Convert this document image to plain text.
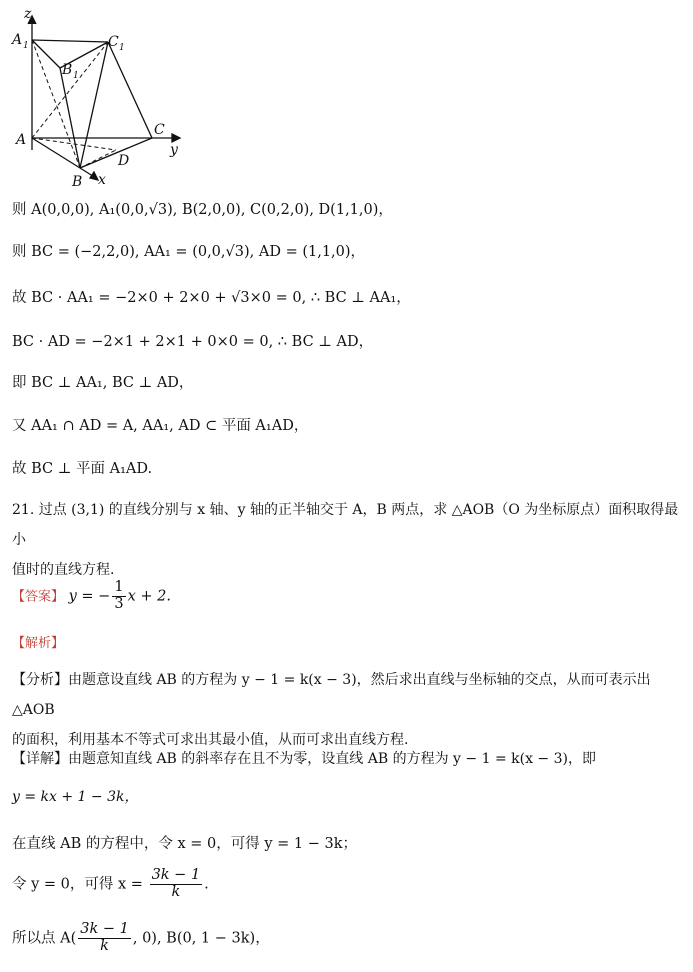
z
A 1	C 1
B 1
A
C
y
D
B x
则 A(0,0,0), A₁(0,0,√3), B(2,0,0), C(0,2,0), D(1,1,0)，
则 BC = (−2,2,0), AA₁ = (0,0,√3), AD = (1,1,0)，
故 BC · AA₁ = −2×0 + 2×0 + √3×0 = 0, ∴ BC ⊥ AA₁，
BC · AD = −2×1 + 2×1 + 0×0 = 0, ∴ BC ⊥ AD，
即 BC ⊥ AA₁, BC ⊥ AD，
又 AA₁ ∩ AD = A, AA₁, AD ⊂ 平面 A₁AD，
故 BC ⊥ 平面 A₁AD.
21. 过点 (3,1) 的直线分别与 x 轴、y 轴的正半轴交于 A，B 两点，求 △AOB（O 为坐标原点）面积取得最小
值时的直线方程.
【答案】 y = − $\frac{1}{3}$ x + 2.
【解析】
【分析】由题意设直线 AB 的方程为 y − 1 = k(x − 3)，然后求出直线与坐标轴的交点，从而可表示出 △AOB
的面积，利用基本不等式可求出其最小值，从而可求出直线方程.
【详解】由题意知直线 AB 的斜率存在且不为零，设直线 AB 的方程为 y − 1 = k(x − 3)，即
y = kx + 1 − 3k，
在直线 AB 的方程中，令 x = 0，可得 y = 1 − 3k；
令 y = 0，可得 $x = \frac{3k - 1}{k}$ .
所以点 $A( \frac{3k - 1}{k}$ , 0), B(0, 1 − 3k)，
